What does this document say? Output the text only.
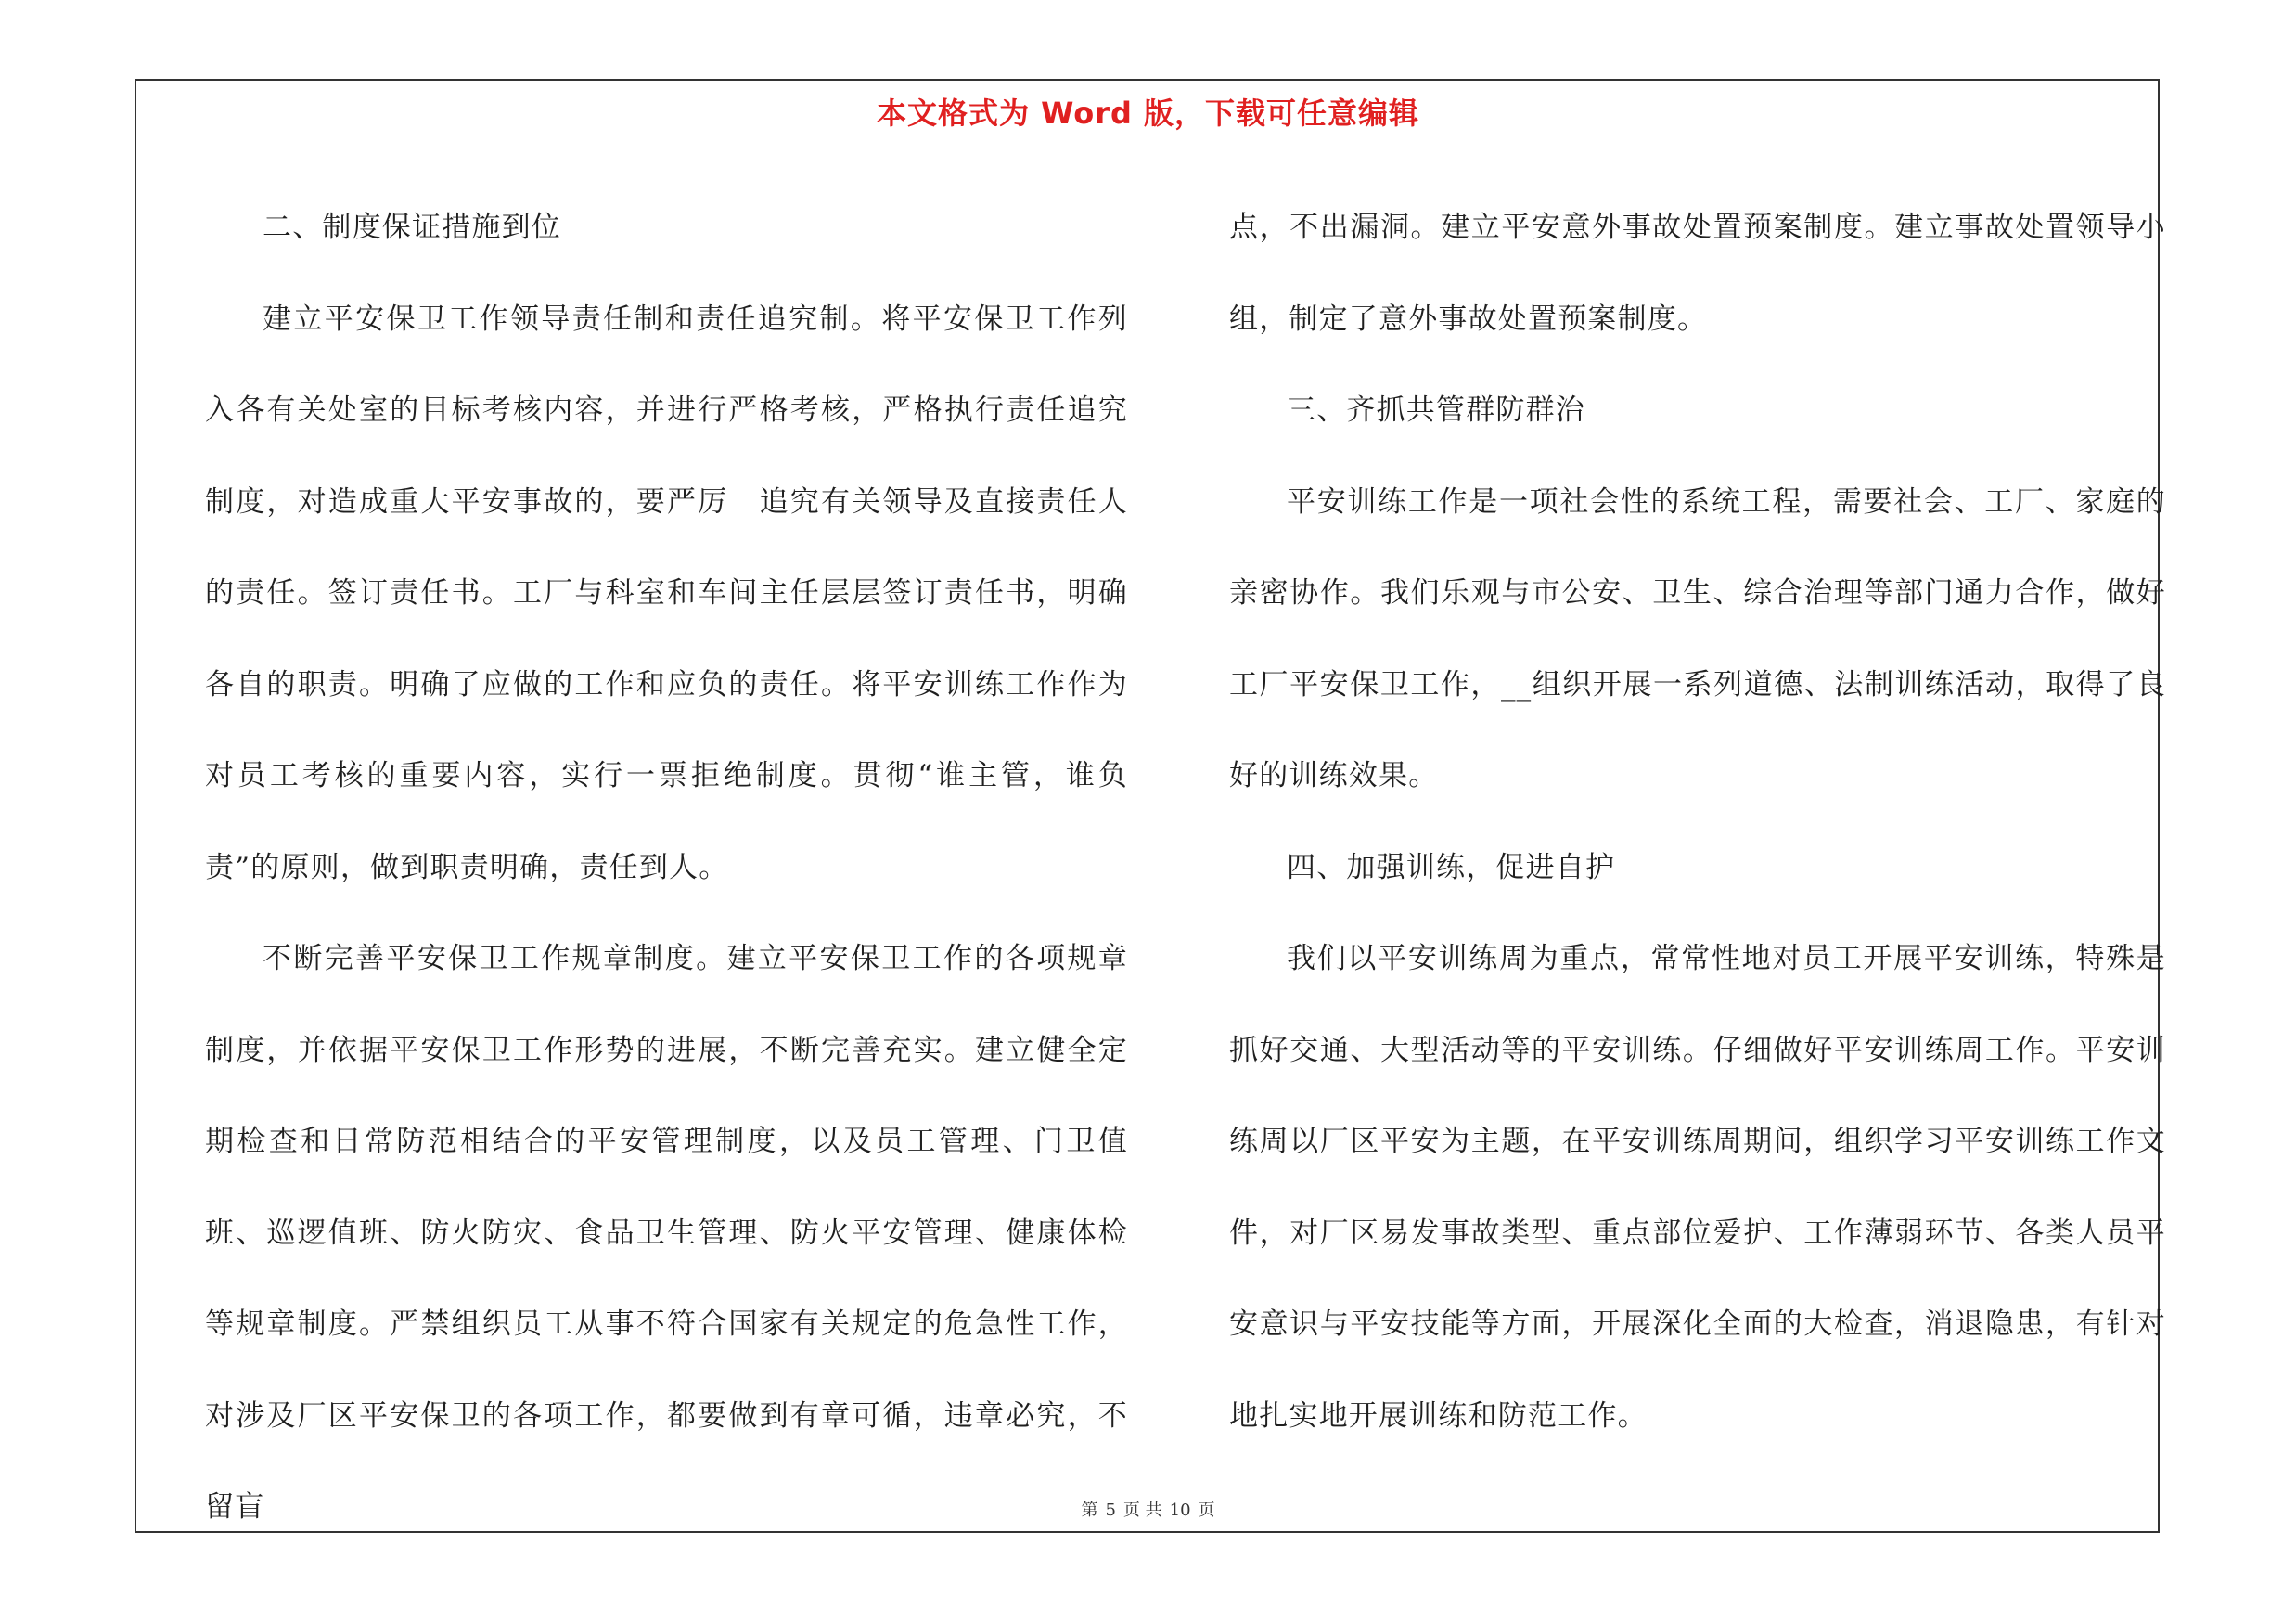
本文格式为 Word 版，下载可任意编辑

二、制度保证措施到位

建立平安保卫工作领导责任制和责任追究制。将平安保卫工作列入各有关处室的目标考核内容，并进行严格考核，严格执行责任追究制度，对造成重大平安事故的，要严厉　追究有关领导及直接责任人的责任。签订责任书。工厂与科室和车间主任层层签订责任书，明确各自的职责。明确了应做的工作和应负的责任。将平安训练工作作为对员工考核的重要内容，实行一票拒绝制度。贯彻“谁主管，谁负责”的原则，做到职责明确，责任到人。

不断完善平安保卫工作规章制度。建立平安保卫工作的各项规章制度，并依据平安保卫工作形势的进展，不断完善充实。建立健全定期检查和日常防范相结合的平安管理制度，以及员工管理、门卫值班、巡逻值班、防火防灾、食品卫生管理、防火平安管理、健康体检等规章制度。严禁组织员工从事不符合国家有关规定的危急性工作，对涉及厂区平安保卫的各项工作，都要做到有章可循，违章必究，不留盲

点，不出漏洞。建立平安意外事故处置预案制度。建立事故处置领导小组，制定了意外事故处置预案制度。

三、齐抓共管群防群治

平安训练工作是一项社会性的系统工程，需要社会、工厂、家庭的亲密协作。我们乐观与市公安、卫生、综合治理等部门通力合作，做好工厂平安保卫工作，__组织开展一系列道德、法制训练活动，取得了良好的训练效果。

四、加强训练，促进自护

我们以平安训练周为重点，常常性地对员工开展平安训练，特殊是抓好交通、大型活动等的平安训练。仔细做好平安训练周工作。平安训练周以厂区平安为主题，在平安训练周期间，组织学习平安训练工作文件，对厂区易发事故类型、重点部位爱护、工作薄弱环节、各类人员平安意识与平安技能等方面，开展深化全面的大检查，消退隐患，有针对地扎实地开展训练和防范工作。

第 5 页 共 10 页
